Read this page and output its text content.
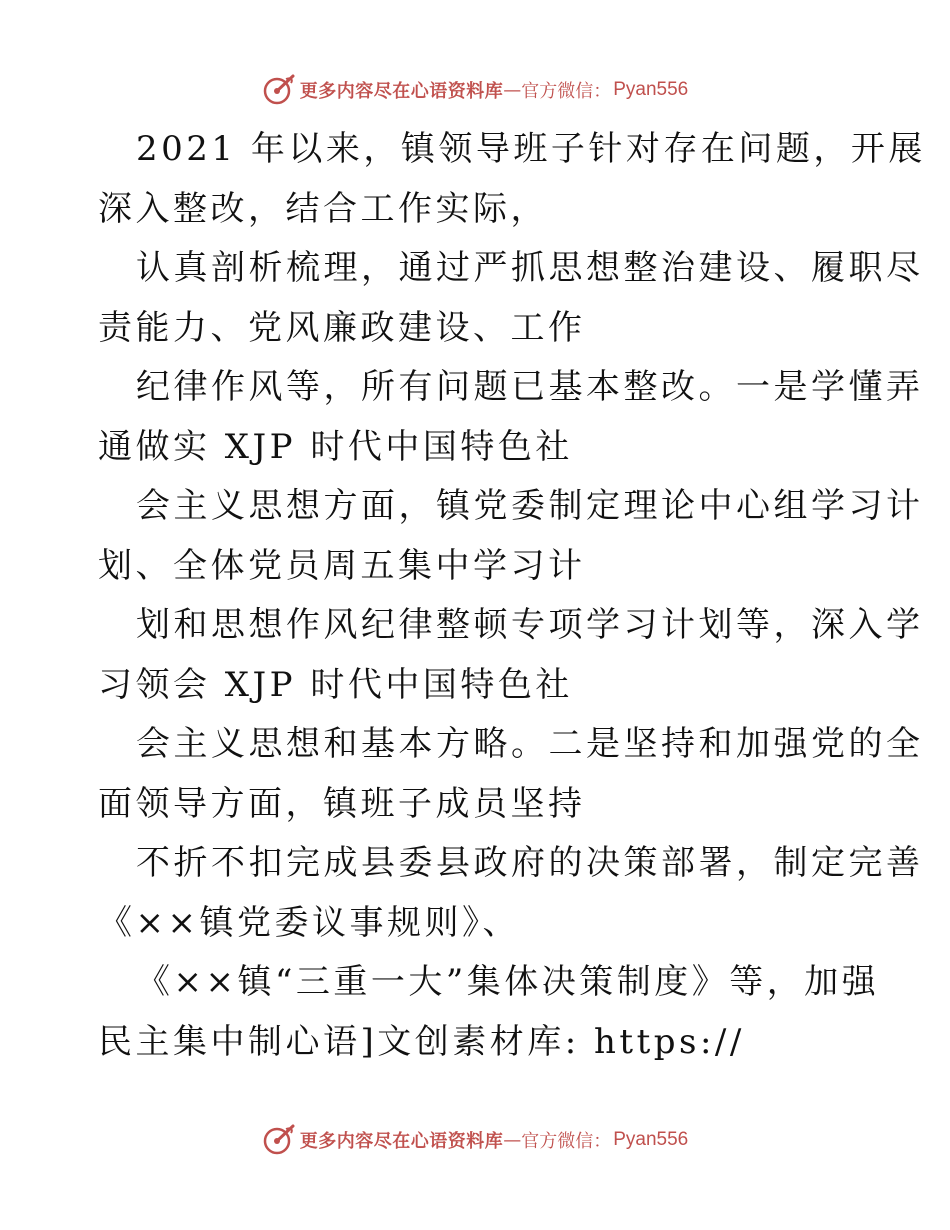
更多内容尽在心语资料库 — 官方微信： Pyan556
2021 年以来，镇领导班子针对存在问题，开展
深入整改，结合工作实际，
认真剖析梳理，通过严抓思想整治建设、履职尽
责能力、党风廉政建设、工作
纪律作风等，所有问题已基本整改。一是学懂弄
通做实 XJP 时代中国特色社
会主义思想方面，镇党委制定理论中心组学习计
划、全体党员周五集中学习计
划和思想作风纪律整顿专项学习计划等，深入学
习领会 XJP 时代中国特色社
会主义思想和基本方略。二是坚持和加强党的全
面领导方面，镇班子成员坚持
不折不扣完成县委县政府的决策部署，制定完善
《××镇党委议事规则》、
《××镇“三重一大”集体决策制度》等，加强
民主集中制心语]文创素材库: https://
更多内容尽在心语资料库 — 官方微信： Pyan556
